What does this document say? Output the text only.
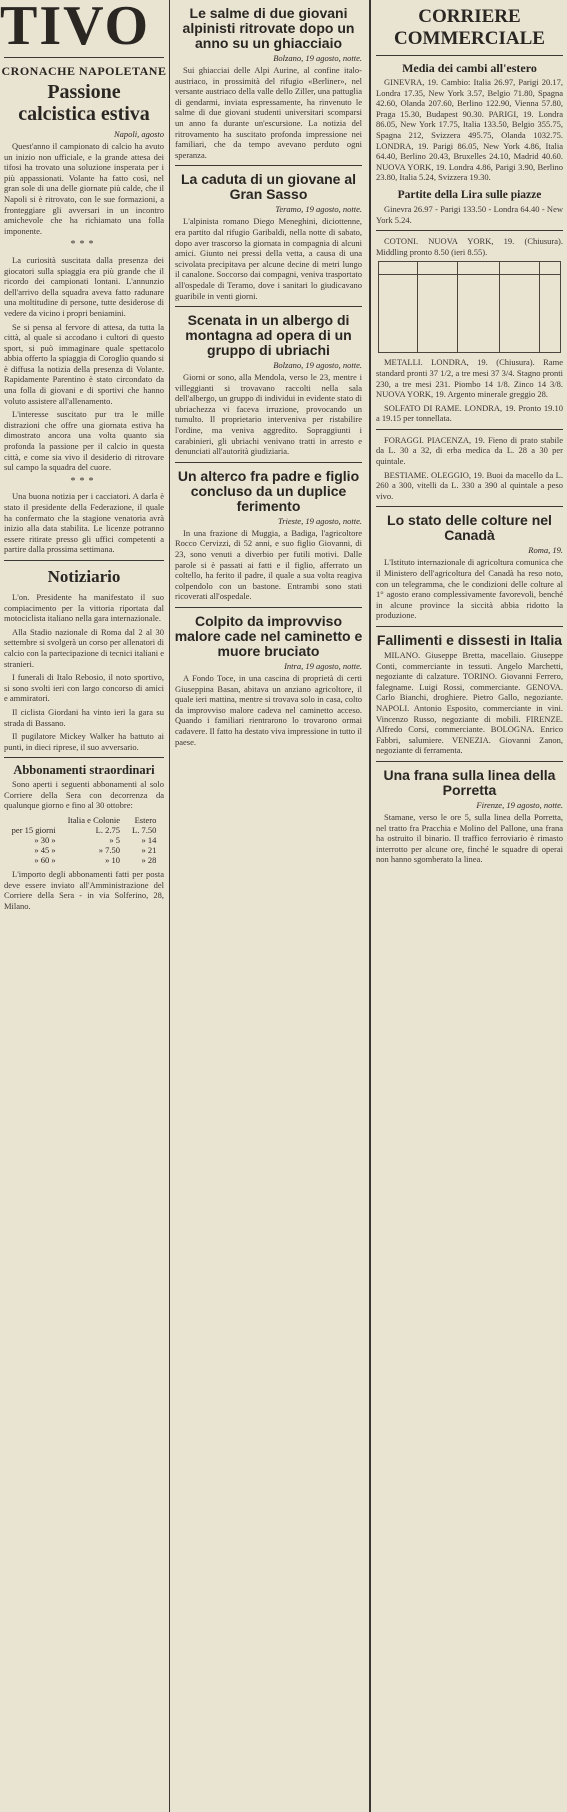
TIVO
CRONACHE NAPOLETANE
Passione calcistica estiva
Napoli, agosto

Quest'anno il campionato di calcio ha avuto un inizio non ufficiale, e la grande attesa dei tifosi ha trovato una soluzione insperata per i più appassionati. Volante ha fatto così, nel gran sole di una delle giornate più calde, che il Napoli si è ritrovato, con le sue formazioni, a fronteggiare gli avversari in un incontro amichevole che ha richiamato una folla imponente.

***

La curiosità suscitata dalla presenza dei giocatori sulla spiaggia era più grande che il ricordo dei campionati lontani. L'annunzio dell'arrivo della squadra aveva fatto radunare una moltitudine di persone, tutte desiderose di vedere da vicino i propri beniamini.

Se si pensa al fervore di attesa, da tutta la città, al quale si accodano i cultori di questo sport, si può immaginare quale spettacolo abbia offerto la spiaggia di Coroglio quando si è diffusa la notizia della presenza di Volante. Rapidamente Parentino è stato circondato da una folla di giovani e di sportivi che hanno voluto assistere all'allenamento.

L'interesse suscitato pur tra le mille distrazioni che offre una giornata estiva ha dimostrato ancora una volta quanto sia profonda la passione per il calcio in questa città, e come sia vivo il desiderio di ritrovare sul campo la squadra del cuore.

***

Una buona notizia per i cacciatori. A darla è stato il presidente della Federazione, il quale ha confermato che la stagione venatoria avrà inizio alla data stabilita. Le licenze potranno essere ritirate presso gli uffici competenti a partire dalla prossima settimana.

Notiziario

L'on. Presidente ha manifestato il suo compiacimento per la vittoria riportata dal motociclista italiano nella gara internazionale.

Alla Stadio nazionale di Roma dal 2 al 30 settembre si svolgerà un corso per allenatori di calcio con la partecipazione di tecnici italiani e stranieri.

I funerali di Italo Rebosio, il noto sportivo, si sono svolti ieri con largo concorso di amici e ammiratori.

Il ciclista Giordani ha vinto ieri la gara su strada di Bassano.

Il pugilatore Mickey Walker ha battuto ai punti, in dieci riprese, il suo avversario.

Abbonamenti straordinari

Sono aperti i seguenti abbonamenti al solo Corriere della Sera con decorrenza da qualunque giorno e fino al 30 ottobre:

	Italia e Colonie	Estero
per 15 giorni	L. 2.75	L. 7.50
» 30 »	» 5	» 14
» 45 »	» 7.50	» 21
» 60 »	» 10	» 28

L'importo degli abbonamenti fatti per posta deve essere inviato all'Amministrazione del Corriere della Sera - in via Solferino, 28, Milano.

Le salme di due giovani alpinisti ritrovate dopo un anno su un ghiacciaio
Bolzano, 19 agosto, notte.

Sui ghiacciai delle Alpi Aurine, al confine italo-austriaco, in prossimità del rifugio «Berliner», nel versante austriaco della valle dello Ziller, una pattuglia di gendarmi, inviata espressamente, ha rinvenuto le salme di due giovani studenti universitari scomparsi un anno fa durante un'escursione. La notizia del ritrovamento ha suscitato profonda impressione nei familiari, che da tempo avevano perduto ogni speranza.

La caduta di un giovane al Gran Sasso
Teramo, 19 agosto, notte.

L'alpinista romano Diego Meneghini, diciottenne, era partito dal rifugio Garibaldi, nella notte di sabato, dopo aver trascorso la giornata in compagnia di alcuni amici. Giunto nei pressi della vetta, a causa di una scivolata precipitava per alcune decine di metri lungo il canalone. Soccorso dai compagni, veniva trasportato all'ospedale di Teramo, dove i sanitari lo giudicavano guaribile in venti giorni.

Scenata in un albergo di montagna ad opera di un gruppo di ubriachi
Bolzano, 19 agosto, notte.

Giorni or sono, alla Mendola, verso le 23, mentre i villeggianti si trovavano raccolti nella sala dell'albergo, un gruppo di individui in evidente stato di ubriachezza vi faceva irruzione, provocando un tumulto. Il proprietario interveniva per ristabilire l'ordine, ma veniva aggredito. Sopraggiunti i carabinieri, gli ubriachi venivano tratti in arresto e denunciati all'autorità giudiziaria.

Un alterco fra padre e figlio concluso da un duplice ferimento
Trieste, 19 agosto, notte.

In una frazione di Muggia, a Badiga, l'agricoltore Rocco Cervizzi, di 52 anni, e suo figlio Giovanni, di 23, sono venuti a diverbio per futili motivi. Dalle parole si è passati ai fatti e il figlio, afferrato un coltello, ha ferito il padre, il quale a sua volta reagiva colpendolo con un bastone. Entrambi sono stati ricoverati all'ospedale.

Colpito da improvviso malore cade nel caminetto e muore bruciato
Intra, 19 agosto, notte.

A Fondo Toce, in una cascina di proprietà di certi Giuseppina Basan, abitava un anziano agricoltore, il quale ieri mattina, mentre si trovava solo in casa, colto da improvviso malore cadeva nel caminetto acceso. Quando i familiari rientrarono lo trovarono ormai cadavere. Il fatto ha destato viva impressione in tutto il paese.

CORRIERE COMMERCIALE
Media dei cambi all'estero

GINEVRA, 19. Cambio: Italia 26.97, Parigi 20.17, Londra 17.35, New York 3.57, Belgio 71.80, Spagna 42.60, Olanda 207.60, Berlino 122.90, Vienna 57.80, Praga 15.30, Budapest 90.30. PARIGI, 19. Londra 86.05, New York 17.75, Italia 133.50, Belgio 355.75, Spagna 212, Svizzera 495.75, Olanda 1032.75. LONDRA, 19. Parigi 86.05, New York 4.86, Italia 64.40, Berlino 20.43, Bruxelles 24.10, Madrid 40.60. NUOVA YORK, 19. Londra 4.86, Parigi 3.90, Berlino 23.80, Italia 5.24, Svizzera 19.30.

Partite della Lira sulle piazze

Ginevra 26.97 - Parigi 133.50 - Londra 64.40 - New York 5.24.

COTONI. NUOVA YORK, 19. (Chiusura). Middling pronto 8.50 (ieri 8.55).

METALLI. LONDRA, 19. (Chiusura). Rame standard pronti 37 1/2, a tre mesi 37 3/4. Stagno pronti 230, a tre mesi 231. Piombo 14 1/8. Zinco 14 3/8. NUOVA YORK, 19. Argento minerale greggio 28.

SOLFATO DI RAME. LONDRA, 19. Pronto 19.10 a 19.15 per tonnellata.

FORAGGI. PIACENZA, 19. Fieno di prato stabile da L. 30 a 32, di erba medica da L. 28 a 30 per quintale.

BESTIAME. OLEGGIO, 19. Buoi da macello da L. 260 a 300, vitelli da L. 330 a 390 al quintale a peso vivo.

Lo stato delle colture nel Canadà
Roma, 19.

L'Istituto internazionale di agricoltura comunica che il Ministero dell'agricoltura del Canadà ha reso noto, con un telegramma, che le condizioni delle colture al 1° agosto erano complessivamente favorevoli, benché in alcune province la siccità abbia ridotto la produzione.

Fallimenti e dissesti in Italia

MILANO. Giuseppe Bretta, macellaio. Giuseppe Conti, commerciante in tessuti. Angelo Marchetti, negoziante di calzature. TORINO. Giovanni Ferrero, falegname. Luigi Rossi, commerciante. GENOVA. Carlo Bianchi, droghiere. Pietro Gallo, negoziante. NAPOLI. Antonio Esposito, commerciante in vini. Vincenzo Russo, negoziante di mobili. FIRENZE. Alfredo Corsi, commerciante. BOLOGNA. Enrico Fabbri, salumiere. VENEZIA. Giovanni Zanon, negoziante di ferramenta.

Una frana sulla linea della Porretta
Firenze, 19 agosto, notte.

Stamane, verso le ore 5, sulla linea della Porretta, nel tratto fra Pracchia e Molino del Pallone, una frana ha ostruito il binario. Il traffico ferroviario è rimasto interrotto per alcune ore, finché le squadre di operai non hanno sgomberato la linea.
